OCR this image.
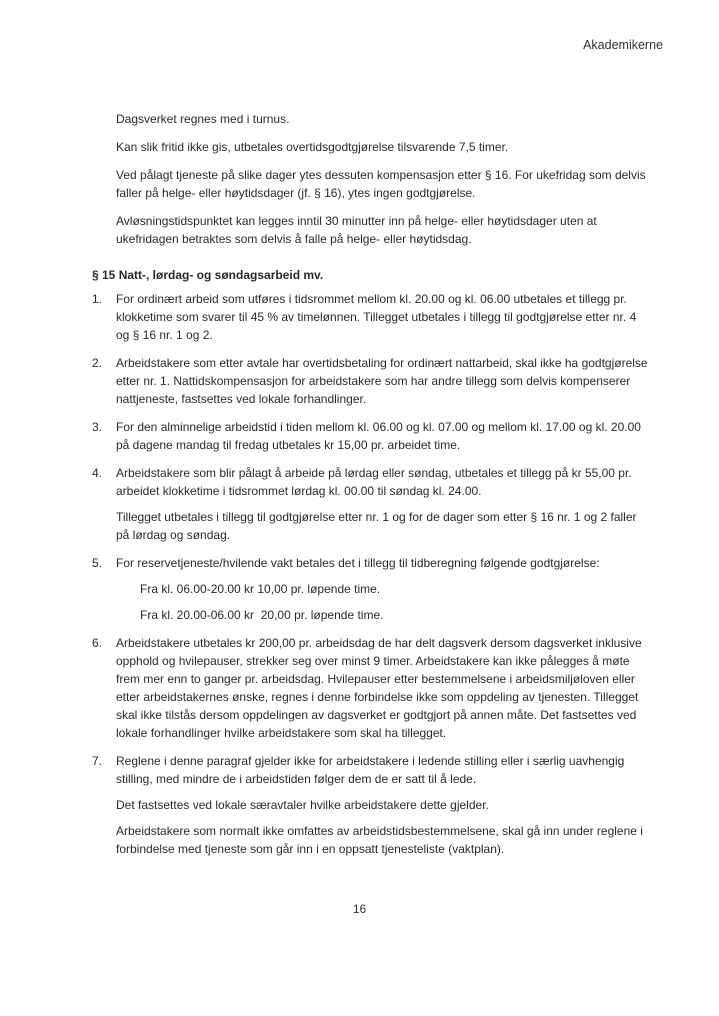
Akademikerne

Dagsverket regnes med i turnus.

Kan slik fritid ikke gis, utbetales overtidsgodtgjørelse tilsvarende 7,5 timer.

Ved pålagt tjeneste på slike dager ytes dessuten kompensasjon etter § 16. For ukefridag som delvis faller på helge- eller høytidsdager (jf. § 16), ytes ingen godtgjørelse.

Avløsningstidspunktet kan legges inntil 30 minutter inn på helge- eller høytidsdager uten at ukefridagen betraktes som delvis å falle på helge- eller høytidsdag.

§ 15 Natt-, lørdag- og søndagsarbeid mv.
1.	For ordinært arbeid som utføres i tidsrommet mellom kl. 20.00 og kl. 06.00 utbetales et tillegg pr. klokketime som svarer til 45 % av timelønnen. Tillegget utbetales i tillegg til godtgjørelse etter nr. 4 og § 16 nr. 1 og 2.

2.	Arbeidstakere som etter avtale har overtidsbetaling for ordinært nattarbeid, skal ikke ha godtgjørelse etter nr. 1. Nattidskompensasjon for arbeidstakere som har andre tillegg som delvis kompenserer nattjeneste, fastsettes ved lokale forhandlinger.

3.	For den alminnelige arbeidstid i tiden mellom kl. 06.00 og kl. 07.00 og mellom kl. 17.00 og kl. 20.00 på dagene mandag til fredag utbetales kr 15,00 pr. arbeidet time.

4.	Arbeidstakere som blir pålagt å arbeide på lørdag eller søndag, utbetales et tillegg på kr 55,00 pr. arbeidet klokketime i tidsrommet lørdag kl. 00.00 til søndag kl. 24.00.

Tillegget utbetales i tillegg til godtgjørelse etter nr. 1 og for de dager som etter § 16 nr. 1 og 2 faller på lørdag og søndag.

5.	For reservetjeneste/hvilende vakt betales det i tillegg til tidberegning følgende godtgjørelse:

Fra kl. 06.00-20.00 kr 10,00 pr. løpende time.

Fra kl. 20.00-06.00 kr  20,00 pr. løpende time.

6.	Arbeidstakere utbetales kr 200,00 pr. arbeidsdag de har delt dagsverk dersom dagsverket inklusive opphold og hvilepauser, strekker seg over minst 9 timer. Arbeidstakere kan ikke pålegges å møte frem mer enn to ganger pr. arbeidsdag. Hvilepauser etter bestemmelsene i arbeidsmiljøloven eller etter arbeidstakernes ønske, regnes i denne forbindelse ikke som oppdeling av tjenesten. Tillegget skal ikke tilstås dersom oppdelingen av dagsverket er godtgjort på annen måte. Det fastsettes ved lokale forhandlinger hvilke arbeidstakere som skal ha tillegget.

7.	Reglene i denne paragraf gjelder ikke for arbeidstakere i ledende stilling eller i særlig uavhengig stilling, med mindre de i arbeidstiden følger dem de er satt til å lede.

Det fastsettes ved lokale særavtaler hvilke arbeidstakere dette gjelder.

Arbeidstakere som normalt ikke omfattes av arbeidstidsbestemmelsene, skal gå inn under reglene i forbindelse med tjeneste som går inn i en oppsatt tjenesteliste (vaktplan).

16
